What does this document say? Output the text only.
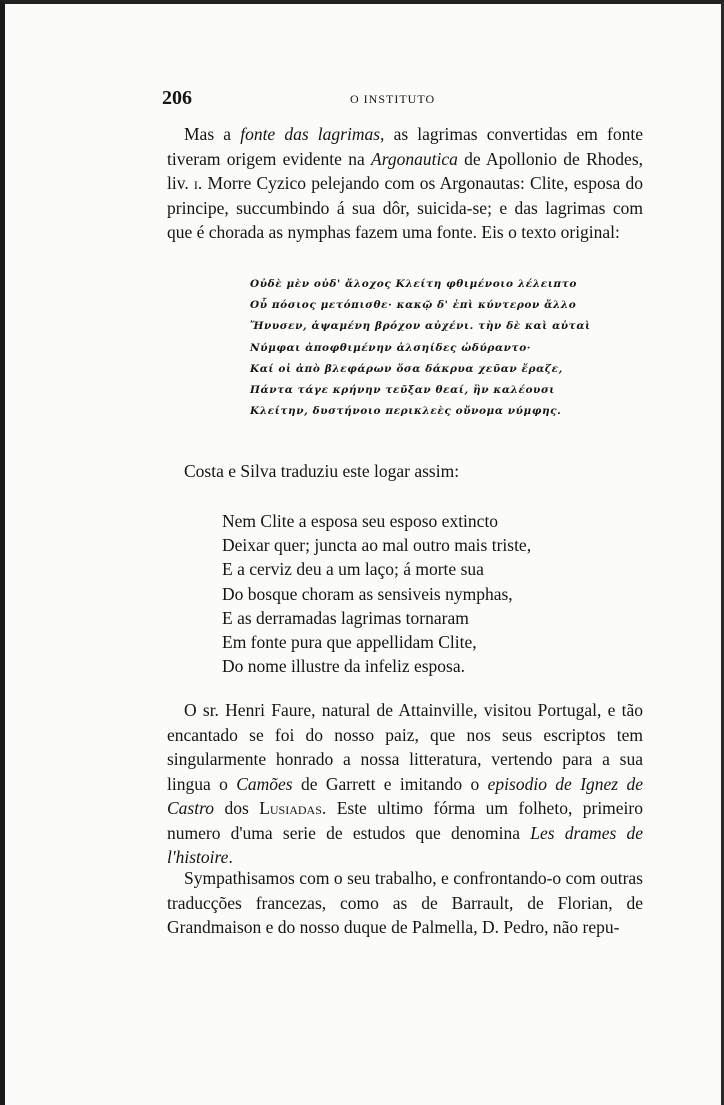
206	O INSTITUTO

Mas a fonte das lagrimas, as lagrimas convertidas em fonte tiveram origem evidente na Argonautica de Apollonio de Rhodes, liv. i. Morre Cyzico pelejando com os Argonautas: Clite, esposa do principe, succumbindo á sua dôr, suicida-se; e das lagrimas com que é chorada as nymphas fazem uma fonte. Eis o texto original:

Οὐδὲ μὲν οὐδ' ἄλοχος Κλείτη φθιμένοιο λέλειπτο
Οὗ πόσιος μετόπισθε· κακῷ δ' ἐπὶ κύντερον ἄλλο
Ἤνυσεν, ἁψαμένη βρόχον αὐχένι. τὴν δὲ καὶ αὐταὶ
Νύμφαι ἀποφθιμένην ἀλσηίδες ὠδύραντο·
Καί οἱ ἀπὸ βλεφάρων ὅσα δάκρυα χεῦαν ἔραζε,
Πάντα τάγε κρήνην τεῦξαν θεαί, ἣν καλέουσι
Κλείτην, δυστήνοιο περικλεὲς οὔνομα νύμφης.

Costa e Silva traduziu este logar assim:

Nem Clite a esposa seu esposo extincto
Deixar quer; juncta ao mal outro mais triste,
E a cerviz deu a um laço; á morte sua
Do bosque choram as sensiveis nymphas,
E as derramadas lagrimas tornaram
Em fonte pura que appellidam Clite,
Do nome illustre da infeliz esposa.

O sr. Henri Faure, natural de Attainville, visitou Portugal, e tão encantado se foi do nosso paiz, que nos seus escriptos tem singularmente honrado a nossa litteratura, vertendo para a sua lingua o Camões de Garrett e imitando o episodio de Ignez de Castro dos Lusiadas. Este ultimo fórma um folheto, primeiro numero d'uma serie de estudos que denomina Les drames de l'histoire.

Sympathisamos com o seu trabalho, e confrontando-o com outras traducções francezas, como as de Barrault, de Florian, de Grandmaison e do nosso duque de Palmella, D. Pedro, não repu-
